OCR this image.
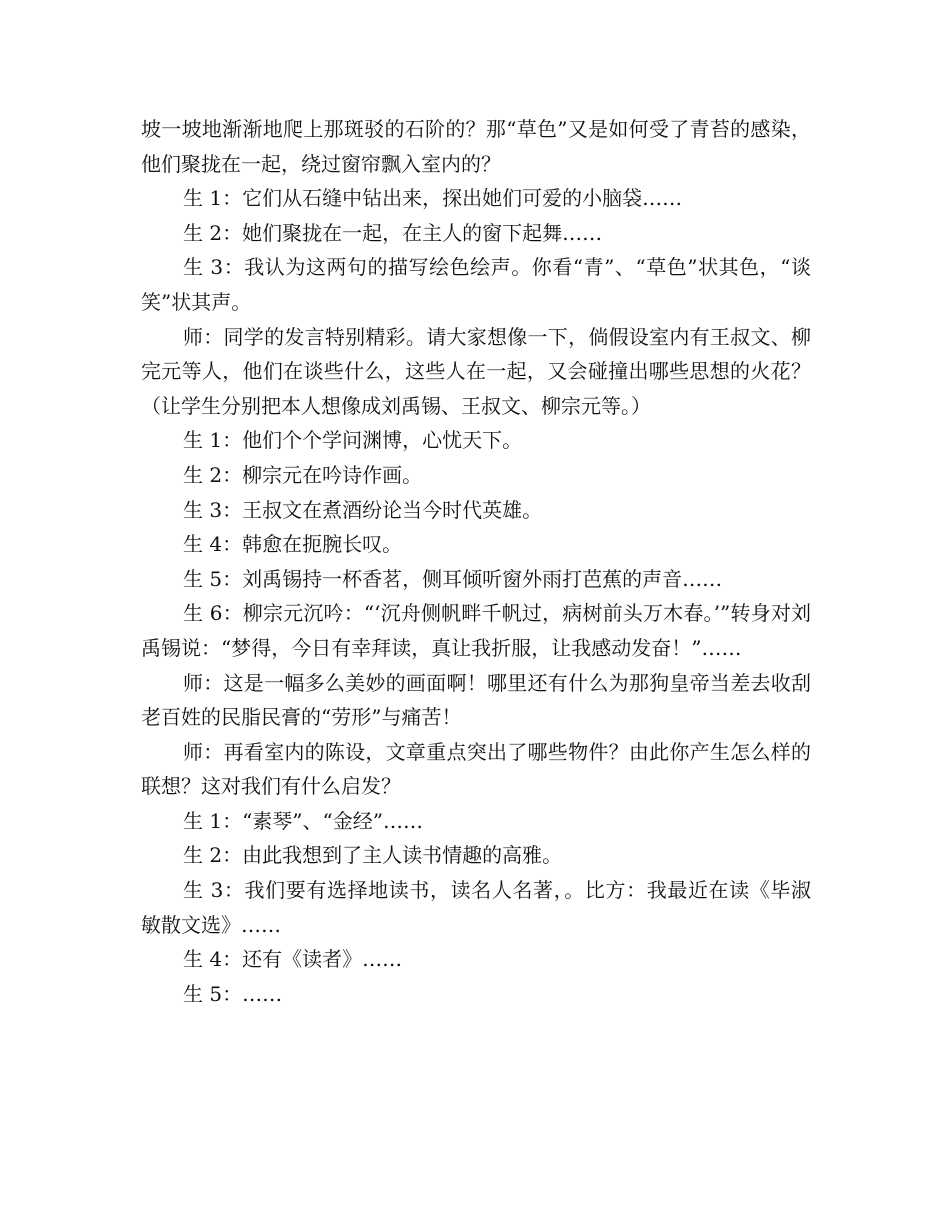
坡一坡地渐渐地爬上那斑驳的石阶的？那“草色”又是如何受了青苔的感染，他们聚拢在一起，绕过窗帘飘入室内的？

生 1：它们从石缝中钻出来，探出她们可爱的小脑袋……

生 2：她们聚拢在一起，在主人的窗下起舞……

生 3：我认为这两句的描写绘色绘声。你看“青”、“草色”状其色，“谈笑”状其声。

师：同学的发言特别精彩。请大家想像一下，倘假设室内有王叔文、柳完元等人，他们在谈些什么，这些人在一起，又会碰撞出哪些思想的火花？（让学生分别把本人想像成刘禹锡、王叔文、柳宗元等。）

生 1：他们个个学问渊博，心忧天下。

生 2：柳宗元在吟诗作画。

生 3：王叔文在煮酒纷论当今时代英雄。

生 4：韩愈在扼腕长叹。

生 5：刘禹锡持一杯香茗，侧耳倾听窗外雨打芭蕉的声音……

生 6：柳宗元沉吟：“‘沉舟侧帆畔千帆过，病树前头万木春。’”转身对刘禹锡说：“梦得，今日有幸拜读，真让我折服，让我感动发奋！”……

师：这是一幅多么美妙的画面啊！哪里还有什么为那狗皇帝当差去收刮老百姓的民脂民膏的“劳形”与痛苦！

师：再看室内的陈设，文章重点突出了哪些物件？由此你产生怎么样的联想？这对我们有什么启发？

生 1：“素琴”、“金经”……

生 2：由此我想到了主人读书情趣的高雅。

生 3：我们要有选择地读书，读名人名著，。比方：我最近在读《毕淑敏散文选》……

生 4：还有《读者》……

生 5：……
